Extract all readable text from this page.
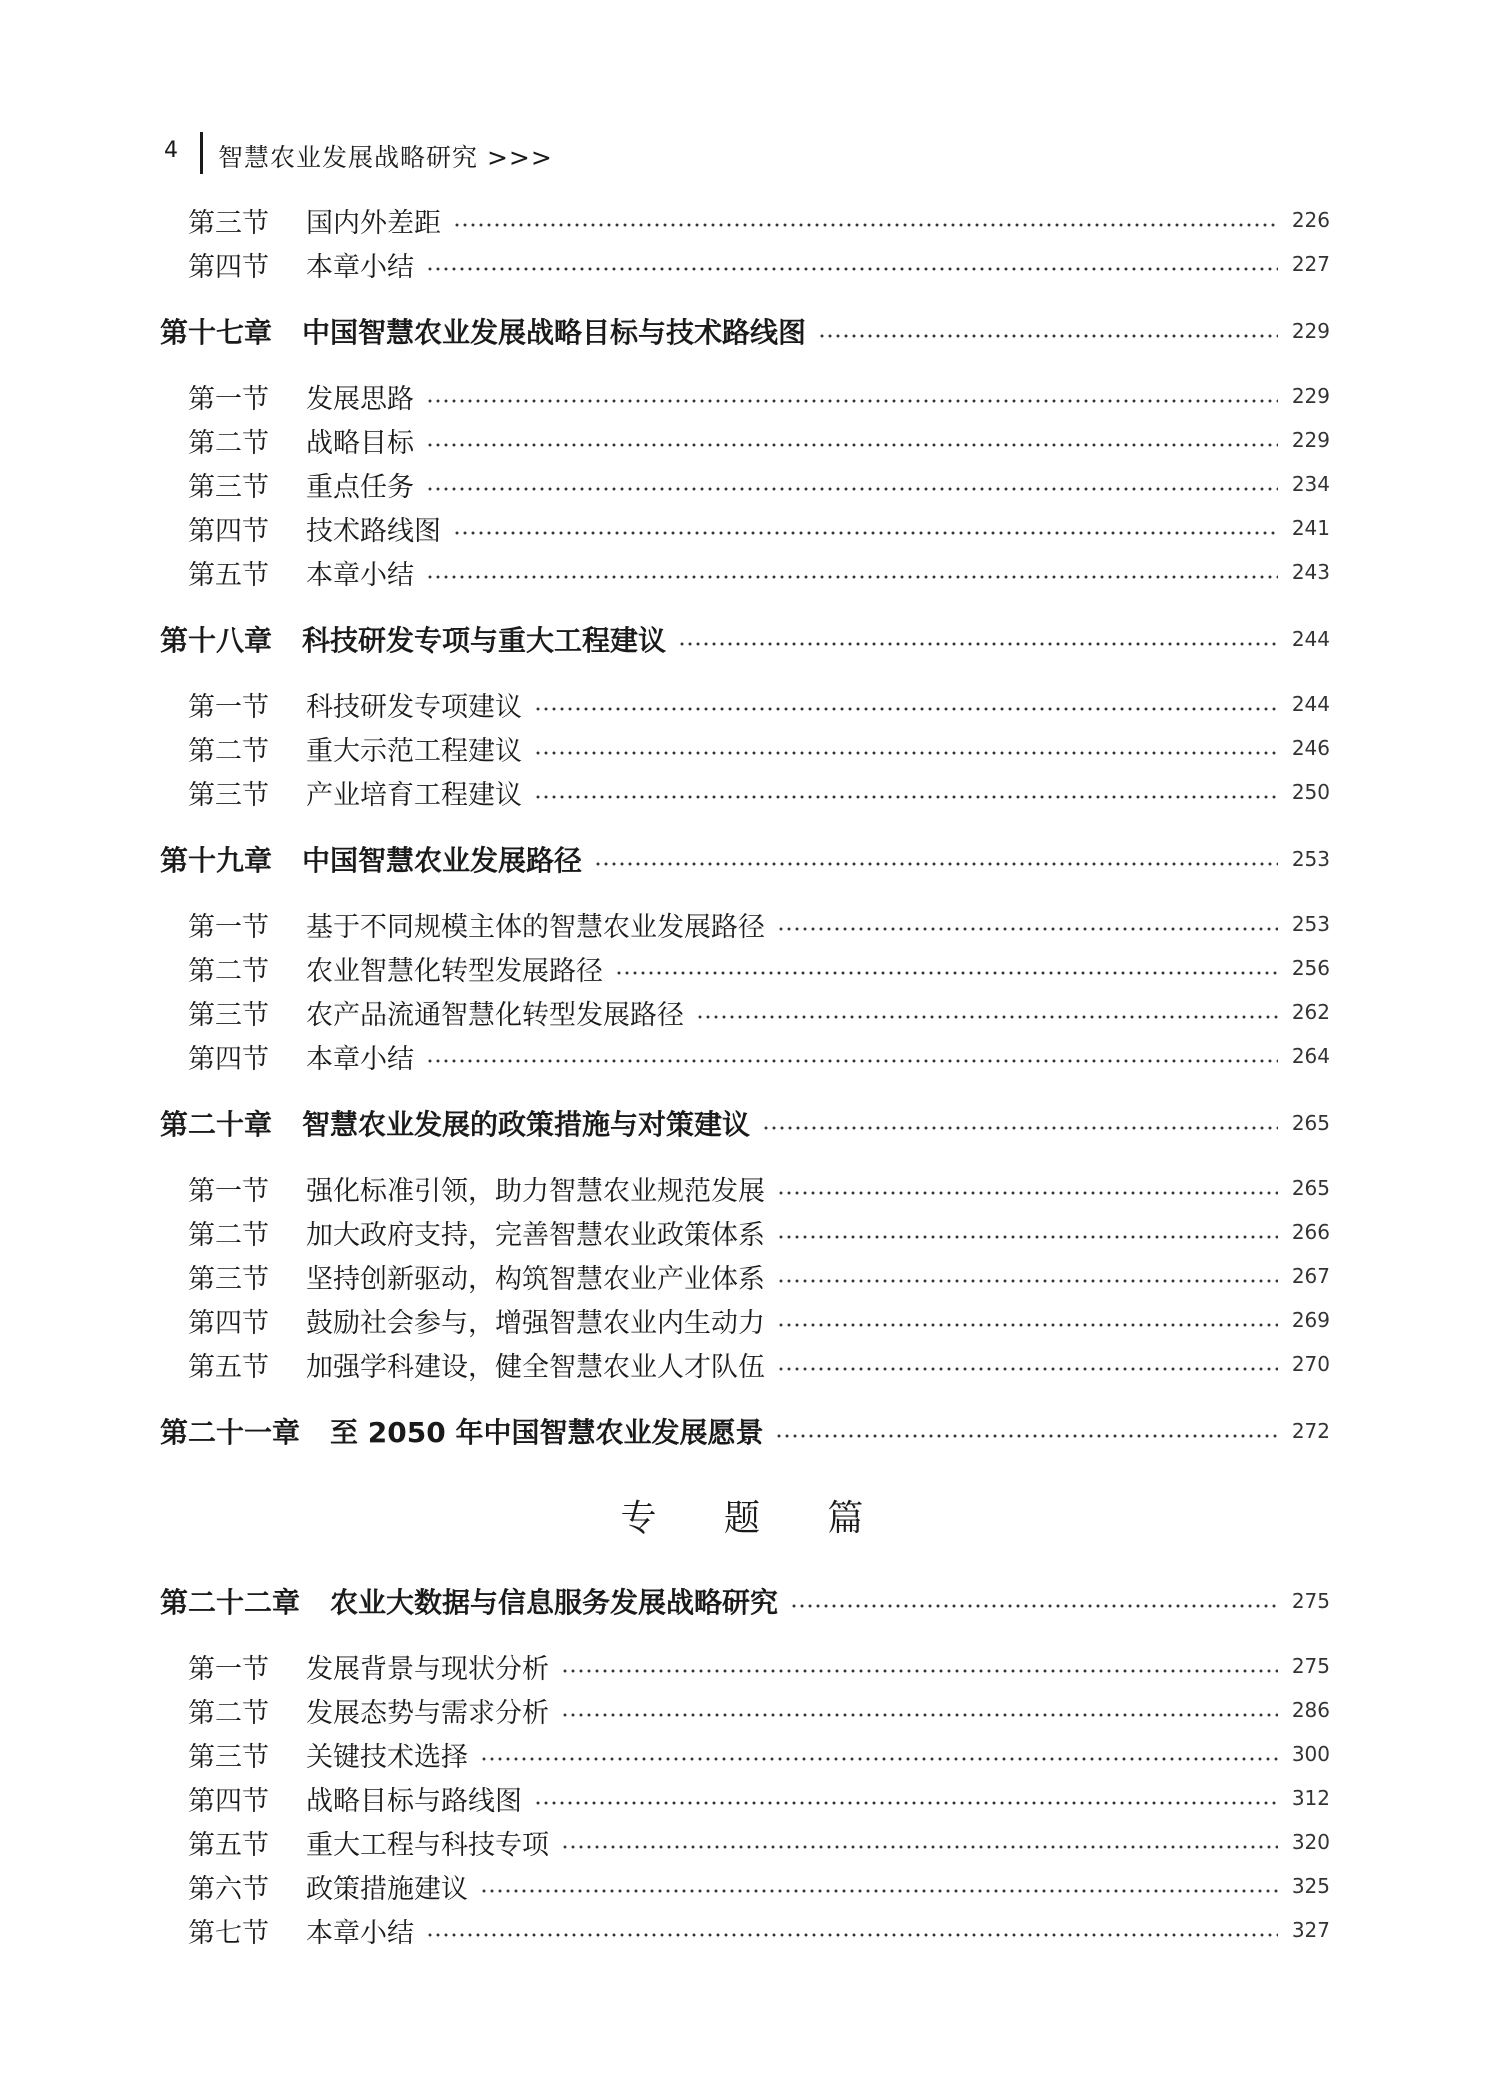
4 智慧农业发展战略研究 >>>
第三节	国内外差距	226
第四节	本章小结	227
第十七章 中国智慧农业发展战略目标与技术路线图	229
第一节	发展思路	229
第二节	战略目标	229
第三节	重点任务	234
第四节	技术路线图	241
第五节	本章小结	243
第十八章 科技研发专项与重大工程建议	244
第一节	科技研发专项建议	244
第二节	重大示范工程建议	246
第三节	产业培育工程建议	250
第十九章 中国智慧农业发展路径	253
第一节	基于不同规模主体的智慧农业发展路径	253
第二节	农业智慧化转型发展路径	256
第三节	农产品流通智慧化转型发展路径	262
第四节	本章小结	264
第二十章 智慧农业发展的政策措施与对策建议	265
第一节	强化标准引领，助力智慧农业规范发展	265
第二节	加大政府支持，完善智慧农业政策体系	266
第三节	坚持创新驱动，构筑智慧农业产业体系	267
第四节	鼓励社会参与，增强智慧农业内生动力	269
第五节	加强学科建设，健全智慧农业人才队伍	270
第二十一章 至 2050 年中国智慧农业发展愿景	272
第二十二章 农业大数据与信息服务发展战略研究	275
第一节	发展背景与现状分析	275
第二节	发展态势与需求分析	286
第三节	关键技术选择	300
第四节	战略目标与路线图	312
第五节	重大工程与科技专项	320
第六节	政策措施建议	325
第七节	本章小结	327
专 题 篇
